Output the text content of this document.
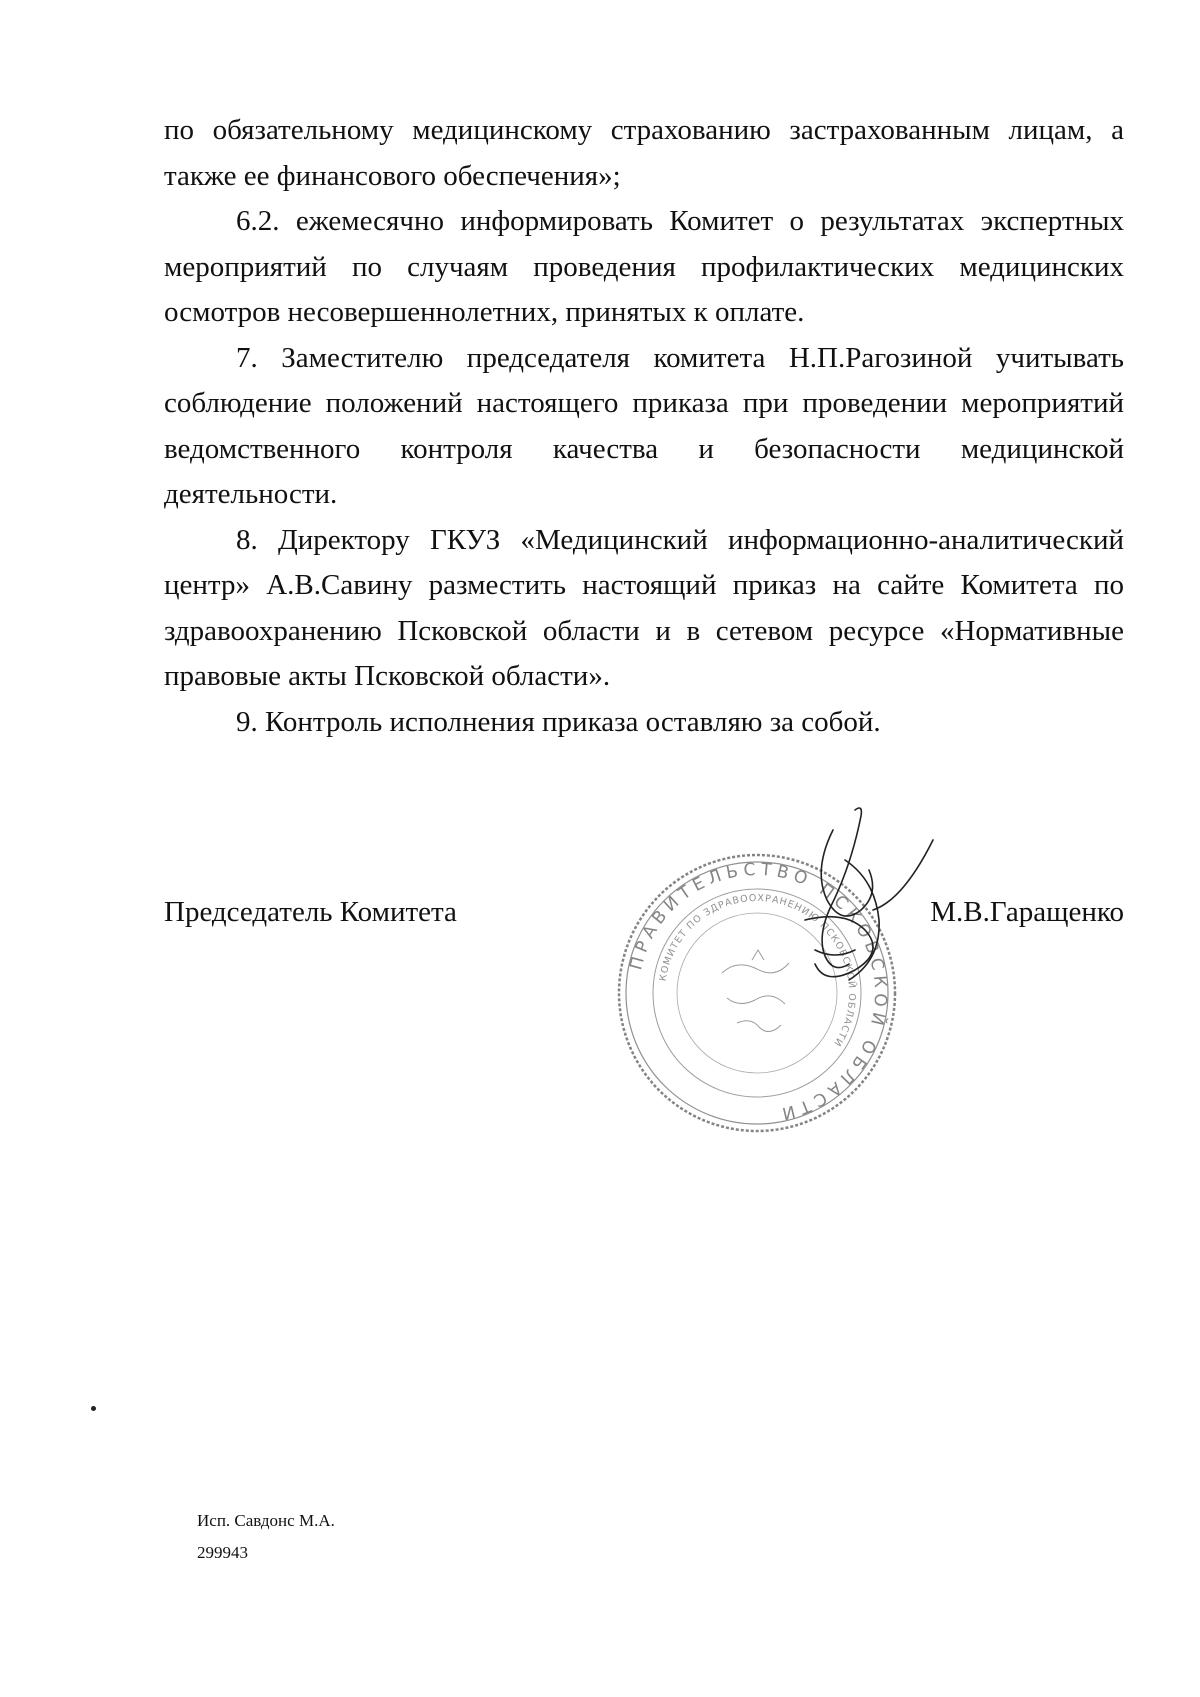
по обязательному медицинскому страхованию застрахованным лицам, а также ее финансового обеспечения»;

6.2. ежемесячно информировать Комитет о результатах экспертных мероприятий по случаям проведения профилактических медицинских осмотров несовершеннолетних, принятых к оплате.

7. Заместителю председателя комитета Н.П.Рагозиной учитывать соблюдение положений настоящего приказа при проведении мероприятий ведомственного контроля качества и безопасности медицинской деятельности.

8. Директору ГКУЗ «Медицинский информационно-аналитический центр» А.В.Савину разместить настоящий приказ на сайте Комитета по здравоохранению Псковской области и в сетевом ресурсе «Нормативные правовые акты Псковской области».

9. Контроль исполнения приказа оставляю за собой.

Председатель Комитета	М.В.Гаращенко
ПРАВИТЕЛЬСТВО ПСКОВСКОЙ ОБЛАСТИ
КОМИТЕТ ПО ЗДРАВООХРАНЕНИЮ ПСКОВСКОЙ ОБЛАСТИ
Исп. Савдонс М.А.
299943
